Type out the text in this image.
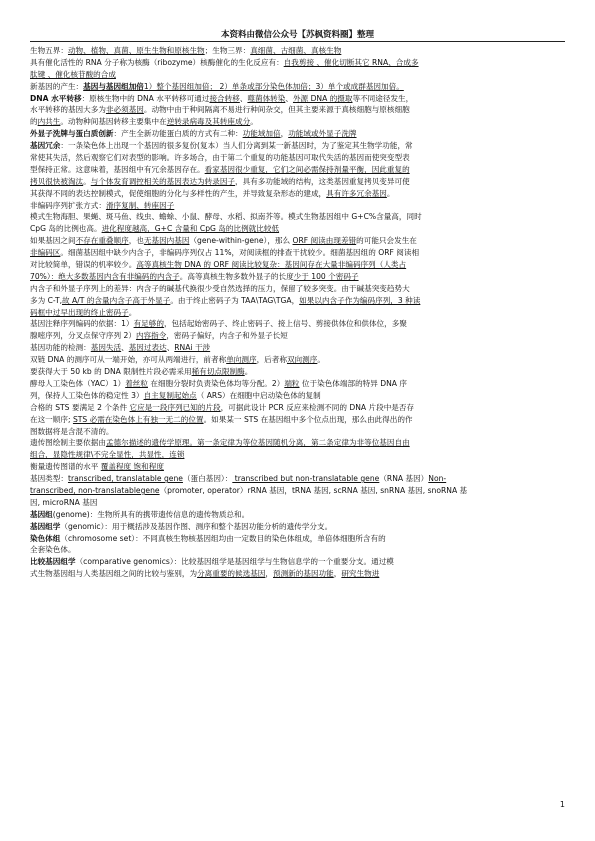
本资料由微信公众号【苏枫资料圈】整理
生物五界：动物、植物、真菌、原生生物和原核生物；生物三界：真细菌、古细菌、真核生物
具有催化活性的 RNA 分子称为核酶（ribozyme）核酶催化的生化反应有：自我剪接 、催化切断其它 RNA、合成多
肽键 、催化核苷酸的合成
新基因的产生：基因与基因组加倍1）整个基因组加倍； 2）单条或部分染色体加倍；3）单个或成群基因加倍。
DNA 水平转移：原核生物中的 DNA 水平转移可通过接合转移、噬菌体转染、外源 DNA 的摄取等不同途径发生，
水平转移的基因大多为非必须基因。动物中由于种间隔离不易进行种间杂交，但其主要来源于真核细胞与原核细胞
的内共生。动物种间基因转移主要集中在逆转录病毒及其转座成分。
外显子洗牌与蛋白质创新：产生全新功能蛋白质的方式有二种：功能域加倍，功能域或外显子洗牌
基因冗余：一条染色体上出现一个基因的很多复份(复本）当人们分离到某一新基因时，为了鉴定其生物学功能，常
常使其失活，然后观察它们对表型的影响。许多场合，由于第二个重复的功能基因可取代失活的基因而使突变型表
型保持正常。这意味着，基因组中有冗余基因存在。看家基因很少重复，它们之间必需保持剂量平衡，因此重复的
拷贝很快被淘汰。与个体发育调控相关的基因表达为转录因子，具有多功能域的结构，这类基因重复拷贝变异可使
其获得不同的表达控制模式，促使细胞的分化与多样性的产生，并导致复杂形态的建成，具有许多冗余基因。
非编码序列扩张方式：滑序复制、转座因子
模式生物海胆、果蝇、斑马鱼、线虫、蟾蜍、小鼠、酵母、水稻、拟南芥等。模式生物基因组中 G+C%含量高，同时
CpG 岛的比例也高。进化程度越高，G+C 含量和 CpG 岛的比例就比较低
如果基因之间不存在重叠顺序，也无基因内基因（gene-within-gene），那么 ORF 阅读由现差错的可能只会发生在
非编码区。细菌基因组中缺少内含子，非编码序列仅占 11%，对阅读框的排查干扰较少。细菌基因组的 ORF 阅读相
对比较简单，错误的机率较少。高等真核生物 DNA 的 ORF 阅读比较复杂：基因间存在大量非编码序列（人类占
70%）：绝大多数基因内含有非编码的内含子。高等真核生物多数外显子的长度少于 100 个密码子
内含子和外显子序列上的差异：内含子的碱基代换很少受自然选择的压力，保留了较多突变。由于碱基突变趋势大
多为 C-T,故 A/T 的含量内含子高于外显子。由于终止密码子为 TAA\TAG\TGA，如果以内含子作为编码序列，3 种读
码框中过早出现的终止密码子。
基因注释序列编码的依据：1）有足够的，包括起始密码子、终止密码子、接上信号、剪接供体位和供体位，多聚
腺嘧序列，分叉点保守序列 2）内容指令，密码子偏好，内含子和外显子长短
基因功能的检测：基因失活、基因过表达、RNAi 干涉
双链 DNA 的测序可从一端开始，亦可从两端进行，前者称单向测序，后者称双向测序。
要获得大于 50 kb 的 DNA 限制性片段必需采用稀有切点限制酶。
酵母人工染色体（YAC）1）着丝粒 在细胞分裂时负责染色体均等分配。2）端粒 位于染色体端部的特异 DNA 序
列，保持人工染色体的稳定性 3）自主复制起始点（ ARS）在细胞中启动染色体的复制
合格的 STS 要满足 2 个条件 它应是一段序列已知的片段，可据此设计 PCR 反应来检测不同的 DNA 片段中是否存
在这一顺序; STS 必需在染色体上有独一无二的位置。如果某一 STS 在基因组中多个位点出现，那么由此得出的作
图数据将是含混不清的。
遗传图绘制主要依据由孟德尔描述的遗传学原理。第一条定律为等位基因随机分离，第二条定律为非等位基因自由
组合，显隐性规律\不完全显性，共显性，连锁
衡量遗传图谱的水平 覆盖程度 饱和程度
基因类型：transcribed, translatable gene（蛋白基因）： transcribed but non-translatable gene（RNA 基因）Non-
transcribed, non-translatablegene（promoter, operator）rRNA 基因，tRNA 基因, scRNA 基因, snRNA 基因, snoRNA 基
因, microRNA 基因
基因组(genome)：生物所具有的携带遗传信息的遗传物质总和。
基因组学（genomic）：用于概括涉及基因作图、测序和整个基因功能分析的遗传学分支。
染色体组（chromosome set）：不同真核生物核基因组均由一定数目的染色体组成，单倍体细胞所含有的
全套染色体。
比较基因组学（comparative genomics）：比较基因组学是基因组学与生物信息学的一个重要分支。通过模
式生物基因组与人类基因组之间的比较与鉴别，为分离重要的候选基因，预测新的基因功能，研究生物进
1
